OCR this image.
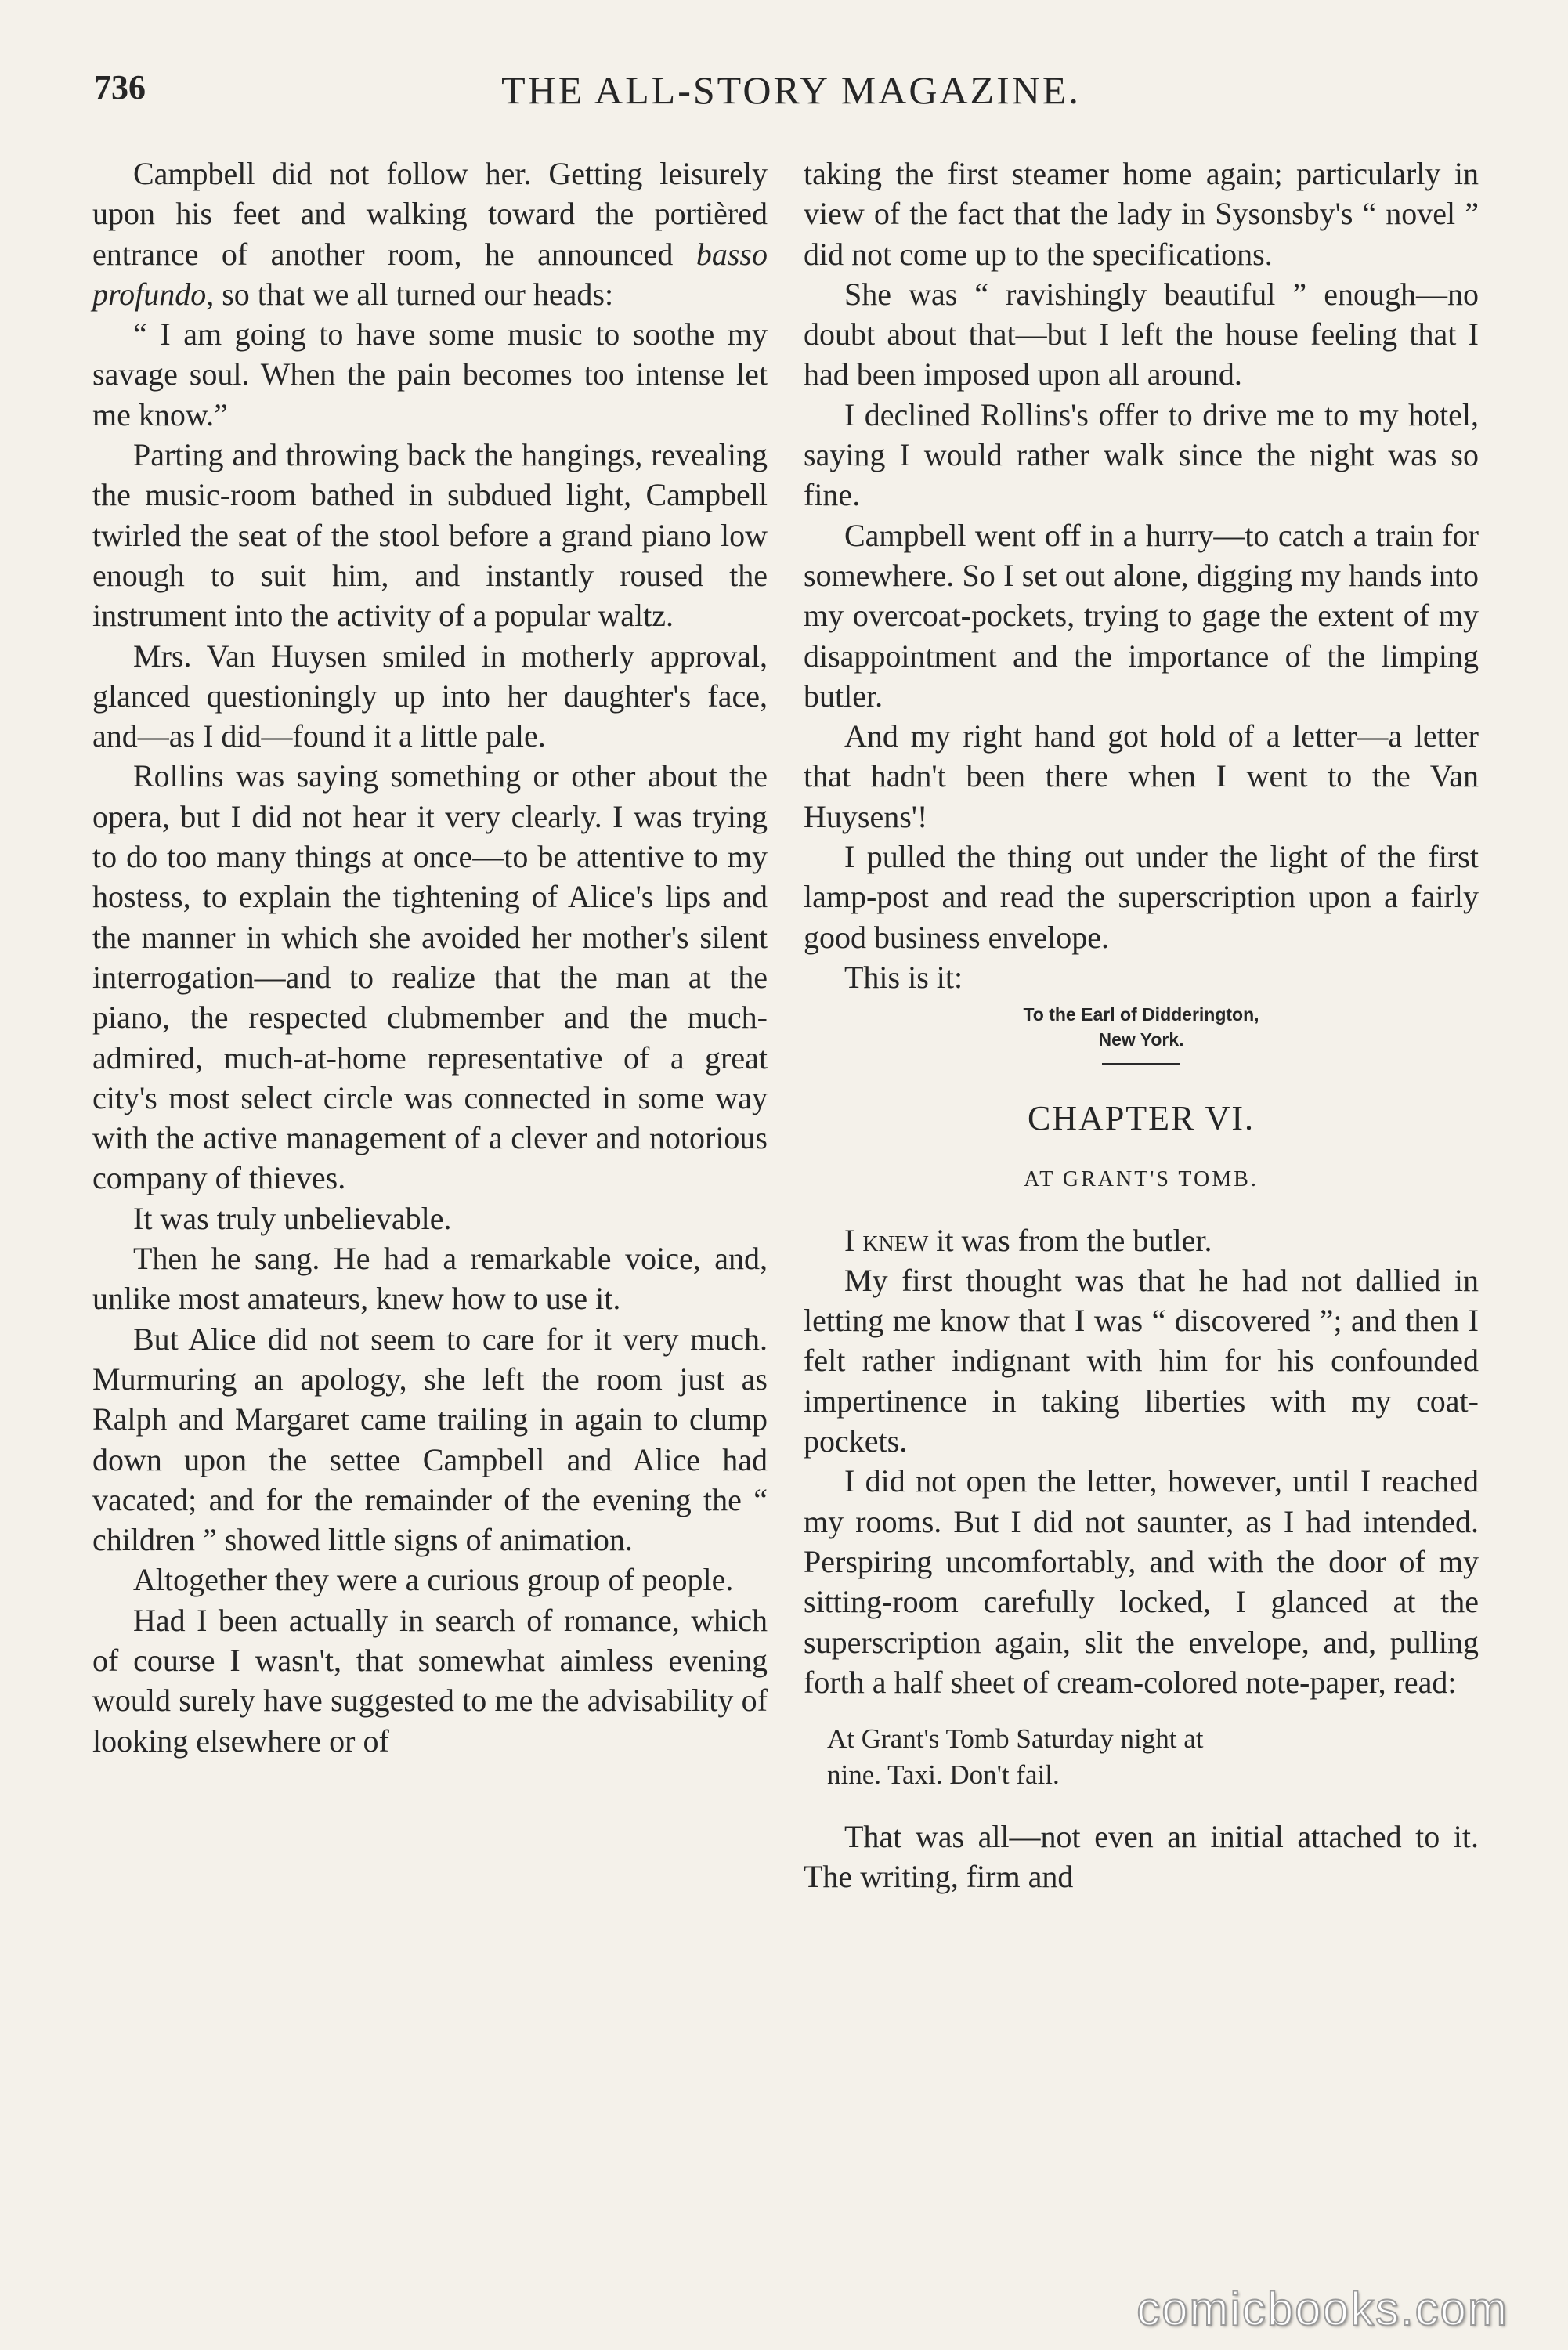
736	THE ALL-STORY MAGAZINE.

Campbell did not follow her. Getting leisurely upon his feet and walking toward the portièred entrance of another room, he announced basso profundo, so that we all turned our heads:

“ I am going to have some music to soothe my savage soul. When the pain becomes too intense let me know.”

Parting and throwing back the hangings, revealing the music-room bathed in subdued light, Campbell twirled the seat of the stool before a grand piano low enough to suit him, and instantly roused the instrument into the activity of a popular waltz.

Mrs. Van Huysen smiled in motherly approval, glanced questioningly up into her daughter's face, and—as I did—found it a little pale.

Rollins was saying something or other about the opera, but I did not hear it very clearly. I was trying to do too many things at once—to be attentive to my hostess, to explain the tightening of Alice's lips and the manner in which she avoided her mother's silent interrogation—and to realize that the man at the piano, the respected clubmember and the much-admired, much-at-home representative of a great city's most select circle was connected in some way with the active management of a clever and notorious company of thieves.

It was truly unbelievable.

Then he sang. He had a remarkable voice, and, unlike most amateurs, knew how to use it.

But Alice did not seem to care for it very much. Murmuring an apology, she left the room just as Ralph and Margaret came trailing in again to clump down upon the settee Campbell and Alice had vacated; and for the remainder of the evening the “ children ” showed little signs of animation.

Altogether they were a curious group of people.

Had I been actually in search of romance, which of course I wasn't, that somewhat aimless evening would surely have suggested to me the advisability of looking elsewhere or of

taking the first steamer home again; particularly in view of the fact that the lady in Sysonsby's “ novel ” did not come up to the specifications.

She was “ ravishingly beautiful ” enough—no doubt about that—but I left the house feeling that I had been imposed upon all around.

I declined Rollins's offer to drive me to my hotel, saying I would rather walk since the night was so fine.

Campbell went off in a hurry—to catch a train for somewhere. So I set out alone, digging my hands into my overcoat-pockets, trying to gage the extent of my disappointment and the importance of the limping butler.

And my right hand got hold of a letter—a letter that hadn't been there when I went to the Van Huysens'!

I pulled the thing out under the light of the first lamp-post and read the superscription upon a fairly good business envelope.

This is it:

To the Earl of Didderington,
New York.
CHAPTER VI.
AT GRANT'S TOMB.

I knew it was from the butler.

My first thought was that he had not dallied in letting me know that I was “ discovered ”; and then I felt rather indignant with him for his confounded impertinence in taking liberties with my coat-pockets.

I did not open the letter, however, until I reached my rooms. But I did not saunter, as I had intended. Perspiring uncomfortably, and with the door of my sitting-room carefully locked, I glanced at the superscription again, slit the envelope, and, pulling forth a half sheet of cream-colored note-paper, read:

At Grant's Tomb Saturday night at
nine. Taxi. Don't fail.

That was all—not even an initial attached to it. The writing, firm and

comicbooks.com
